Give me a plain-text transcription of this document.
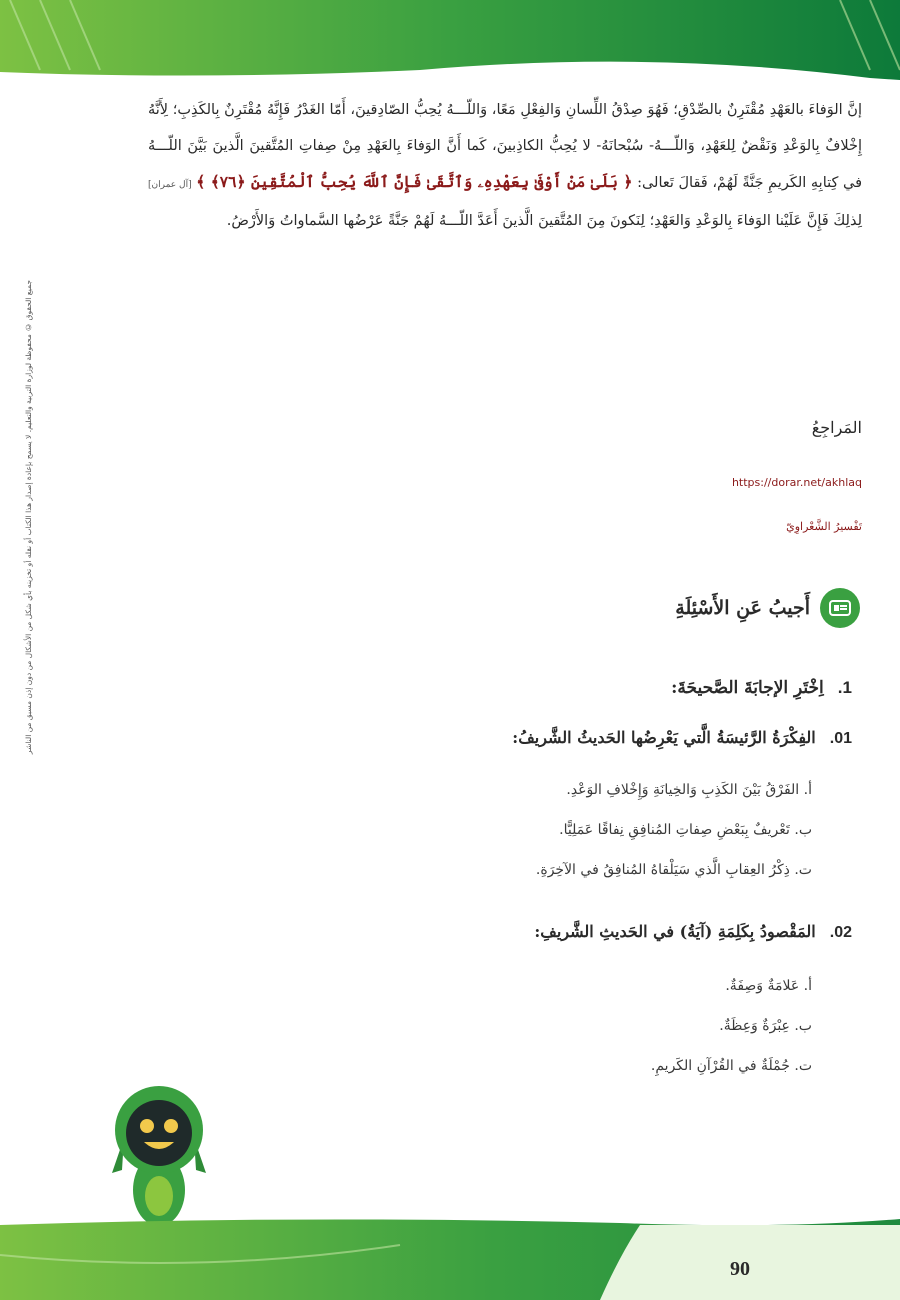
جميع الحقوق © محفوظة لوزارة التربية والتعليم. لا يسمح بإعادة إصدار هذا الكتاب أو نقله أو تخزينه بأي شكل من الأشكال من دون إذن مسبق من الناشر
إنَّ الوَفاءَ بالعَهْدِ مُقْتَرِنٌ بالصِّدْقِ؛ فَهُوَ صِدْقُ اللِّسانِ وَالفِعْلِ مَعًا، وَاللّـــهُ يُحِبُّ الصّادِقينَ، أَمّا الغَدْرُ فَإِنَّهُ مُقْتَرِنٌ بِالكَذِبِ؛ لِأَنَّهُ إِخْلافٌ بِالوَعْدِ وَنَقْضٌ لِلعَهْدِ، وَاللّـــهُ- سُبْحانَهُ- لا يُحِبُّ الكاذِبينَ، كَما أَنَّ الوَفاءَ بِالعَهْدِ مِنْ صِفاتِ المُتَّقينَ الَّذينَ بَيَّنَ اللّـــهُ في كِتابِهِ الكَريمِ جَنَّةً لَهُمْ، فَقالَ تَعالى: ﴿ بَلَىٰ مَنْ أَوْفَىٰ بِعَهْدِهِۦ وَٱتَّقَىٰ فَإِنَّ ٱللَّهَ يُحِبُّ ٱلْمُتَّقِينَ ﴿٧٦﴾ ﴾ [آل عمران] لِذلِكَ فَإِنَّ عَلَيْنا الوَفاءَ بِالوَعْدِ وَالعَهْدِ؛ لِنَكونَ مِنَ المُتَّقينَ الَّذينَ أَعَدَّ اللّـــهُ لَهُمْ جَنَّةً عَرْضُها السَّماواتُ وَالأَرْضُ.
المَراجِعُ
https://dorar.net/akhlaq
تَفْسيرُ الشَّعْراوِيّ
أَجيبُ عَنِ الأَسْئِلَةِ
1.اِخْتَرِ الإجابَةَ الصَّحيحَةَ:
01.الفِكْرَةُ الرَّئيسَةُ الَّتي يَعْرِضُها الحَديثُ الشَّريفُ:
أ. الفَرْقُ بَيْنَ الكَذِبِ وَالخِيانَةِ وَإِخْلافِ الوَعْدِ.
ب. تَعْريفٌ بِبَعْضِ صِفاتِ المُنافِقِ نِفاقًا عَمَلِيًّا.
ت. ذِكْرُ العِقابِ الَّذي سَيَلْقاهُ المُنافِقُ في الآخِرَةِ.
02.المَقْصودُ بِكَلِمَةِ (آيَةُ) في الحَديثِ الشَّريفِ:
أ. عَلامَةٌ وَصِفَةٌ.
ب. عِبْرَةٌ وَعِظَةٌ.
ت. جُمْلَةٌ في القُرْآنِ الكَريمِ.
90
